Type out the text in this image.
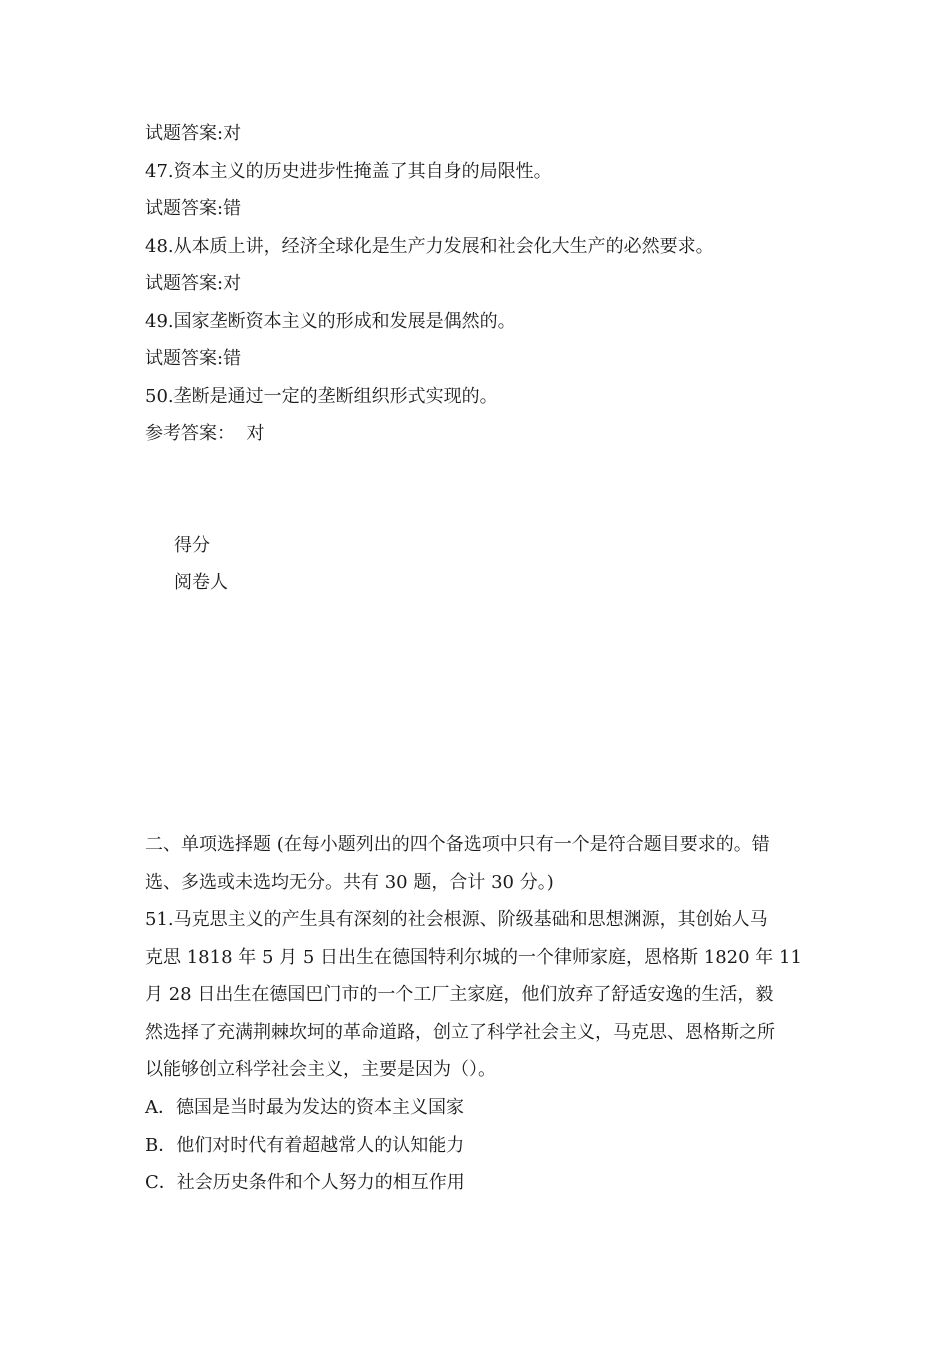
试题答案:对
47.资本主义的历史进步性掩盖了其自身的局限性。
试题答案:错
48.从本质上讲，经济全球化是生产力发展和社会化大生产的必然要求。
试题答案:对
49.国家垄断资本主义的形成和发展是偶然的。
试题答案:错
50.垄断是通过一定的垄断组织形式实现的。
参考答案：  对
得分
阅卷人
二、单项选择题 (在每小题列出的四个备选项中只有一个是符合题目要求的。错
选、多选或未选均无分。共有 30 题，合计 30 分。)
51.马克思主义的产生具有深刻的社会根源、阶级基础和思想渊源，其创始人马
克思 1818 年 5 月 5 日出生在德国特利尔城的一个律师家庭，恩格斯 1820 年 11
月 28 日出生在德国巴门市的一个工厂主家庭，他们放弃了舒适安逸的生活，毅
然选择了充满荆棘坎坷的革命道路，创立了科学社会主义，马克思、恩格斯之所
以能够创立科学社会主义，主要是因为（）。
A．德国是当时最为发达的资本主义国家
B．他们对时代有着超越常人的认知能力
C．社会历史条件和个人努力的相互作用
